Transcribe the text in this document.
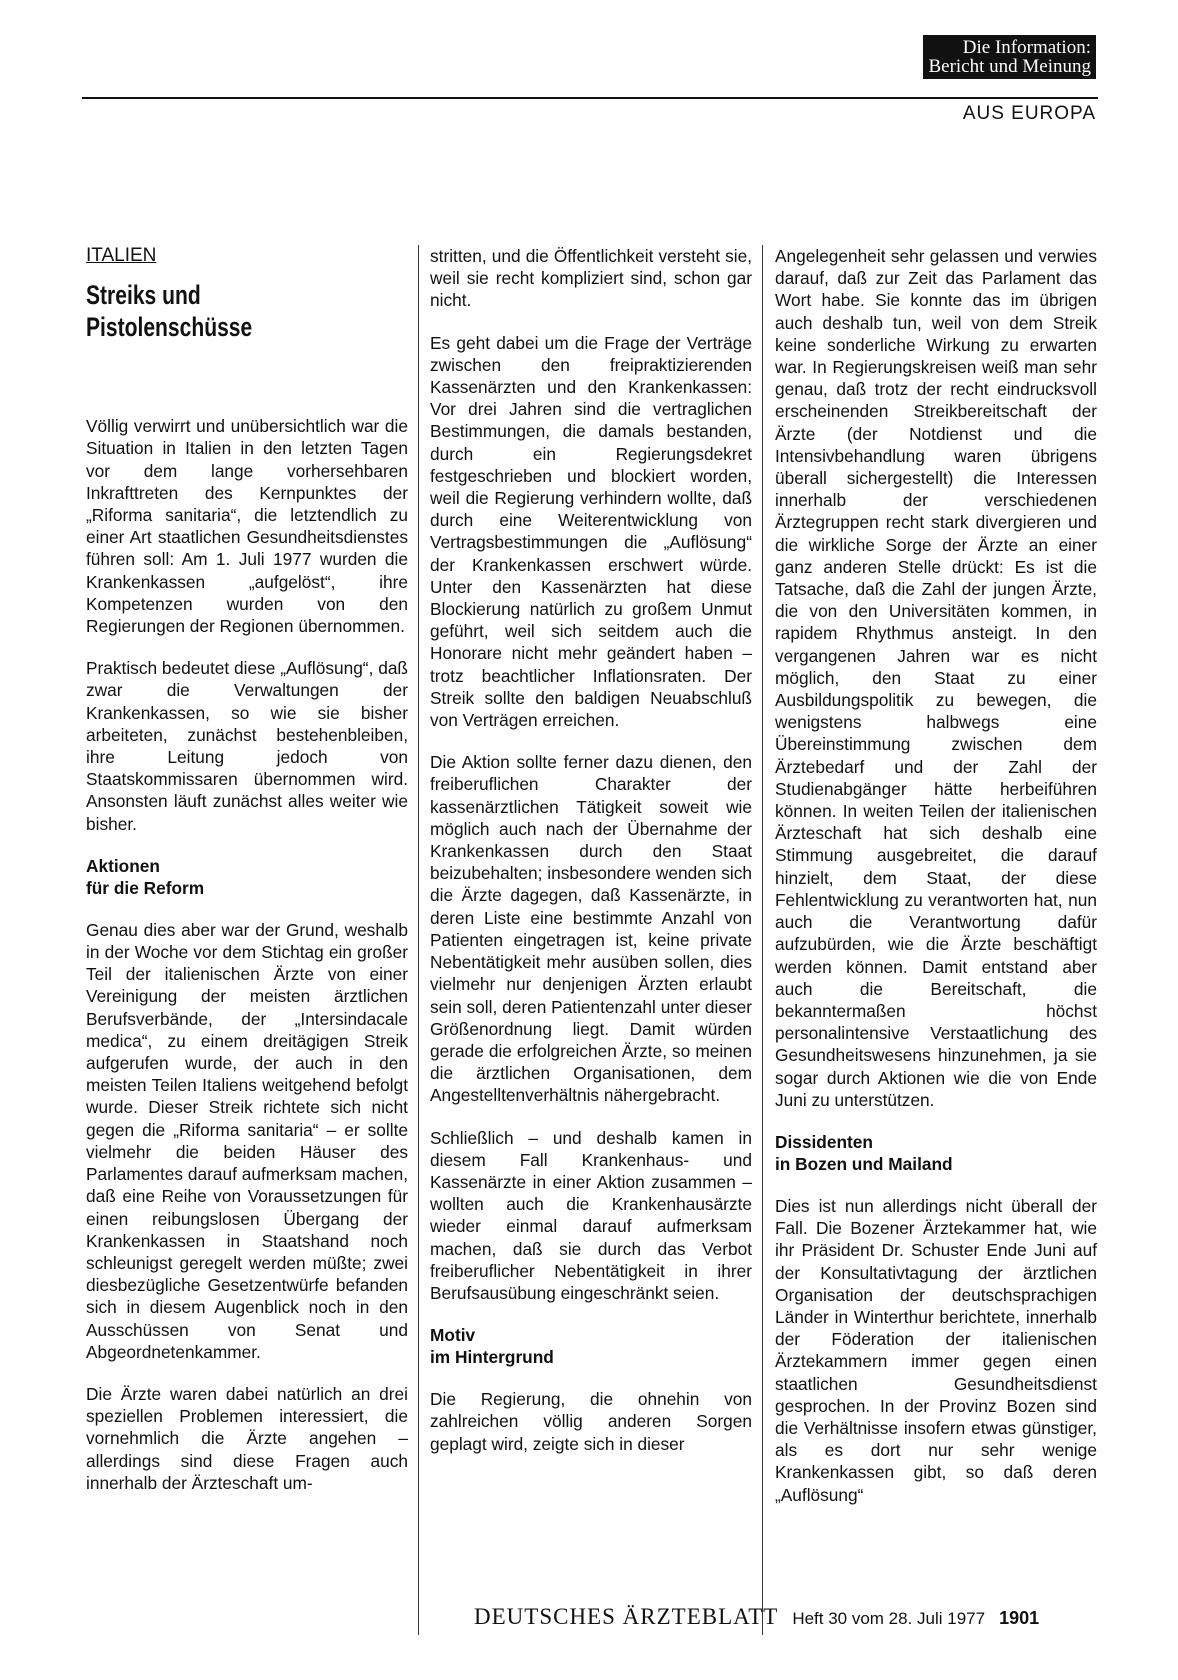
Die Information:
Bericht und Meinung
AUS EUROPA
ITALIEN
Streiks und
Pistolenschüsse

Völlig verwirrt und unübersichtlich war die Situation in Italien in den letzten Tagen vor dem lange vorhersehbaren Inkrafttreten des Kernpunktes der „Riforma sanitaria“, die letztendlich zu einer Art staatlichen Gesundheitsdienstes führen soll: Am 1. Juli 1977 wurden die Krankenkassen „aufgelöst“, ihre Kompetenzen wurden von den Regierungen der Regionen übernommen.

Praktisch bedeutet diese „Auflösung“, daß zwar die Verwaltungen der Krankenkassen, so wie sie bisher arbeiteten, zunächst bestehenbleiben, ihre Leitung jedoch von Staatskommissaren übernommen wird. Ansonsten läuft zunächst alles weiter wie bisher.

Aktionen
für die Reform

Genau dies aber war der Grund, weshalb in der Woche vor dem Stichtag ein großer Teil der italienischen Ärzte von einer Vereinigung der meisten ärztlichen Berufsverbände, der „Intersindacale medica“, zu einem dreitägigen Streik aufgerufen wurde, der auch in den meisten Teilen Italiens weitgehend befolgt wurde. Dieser Streik richtete sich nicht gegen die „Riforma sanitaria“ – er sollte vielmehr die beiden Häuser des Parlamentes darauf aufmerksam machen, daß eine Reihe von Voraussetzungen für einen reibungslosen Übergang der Krankenkassen in Staatshand noch schleunigst geregelt werden müßte; zwei diesbezügliche Gesetzentwürfe befanden sich in diesem Augenblick noch in den Ausschüssen von Senat und Abgeordnetenkammer.

Die Ärzte waren dabei natürlich an drei speziellen Problemen interessiert, die vornehmlich die Ärzte angehen – allerdings sind diese Fragen auch innerhalb der Ärzteschaft um-

stritten, und die Öffentlichkeit versteht sie, weil sie recht kompliziert sind, schon gar nicht.

Es geht dabei um die Frage der Verträge zwischen den freipraktizierenden Kassenärzten und den Krankenkassen: Vor drei Jahren sind die vertraglichen Bestimmungen, die damals bestanden, durch ein Regierungsdekret festgeschrieben und blockiert worden, weil die Regierung verhindern wollte, daß durch eine Weiterentwicklung von Vertragsbestimmungen die „Auflösung“ der Krankenkassen erschwert würde. Unter den Kassenärzten hat diese Blockierung natürlich zu großem Unmut geführt, weil sich seitdem auch die Honorare nicht mehr geändert haben – trotz beachtlicher Inflationsraten. Der Streik sollte den baldigen Neuabschluß von Verträgen erreichen.

Die Aktion sollte ferner dazu dienen, den freiberuflichen Charakter der kassenärztlichen Tätigkeit soweit wie möglich auch nach der Übernahme der Krankenkassen durch den Staat beizubehalten; insbesondere wenden sich die Ärzte dagegen, daß Kassenärzte, in deren Liste eine bestimmte Anzahl von Patienten eingetragen ist, keine private Nebentätigkeit mehr ausüben sollen, dies vielmehr nur denjenigen Ärzten erlaubt sein soll, deren Patientenzahl unter dieser Größenordnung liegt. Damit würden gerade die erfolgreichen Ärzte, so meinen die ärztlichen Organisationen, dem Angestelltenverhältnis nähergebracht.

Schließlich – und deshalb kamen in diesem Fall Krankenhaus- und Kassenärzte in einer Aktion zusammen – wollten auch die Krankenhausärzte wieder einmal darauf aufmerksam machen, daß sie durch das Verbot freiberuflicher Nebentätigkeit in ihrer Berufsausübung eingeschränkt seien.

Motiv
im Hintergrund

Die Regierung, die ohnehin von zahlreichen völlig anderen Sorgen geplagt wird, zeigte sich in dieser

Angelegenheit sehr gelassen und verwies darauf, daß zur Zeit das Parlament das Wort habe. Sie konnte das im übrigen auch deshalb tun, weil von dem Streik keine sonderliche Wirkung zu erwarten war. In Regierungskreisen weiß man sehr genau, daß trotz der recht eindrucksvoll erscheinenden Streikbereitschaft der Ärzte (der Notdienst und die Intensivbehandlung waren übrigens überall sichergestellt) die Interessen innerhalb der verschiedenen Ärztegruppen recht stark divergieren und die wirkliche Sorge der Ärzte an einer ganz anderen Stelle drückt: Es ist die Tatsache, daß die Zahl der jungen Ärzte, die von den Universitäten kommen, in rapidem Rhythmus ansteigt. In den vergangenen Jahren war es nicht möglich, den Staat zu einer Ausbildungspolitik zu bewegen, die wenigstens halbwegs eine Übereinstimmung zwischen dem Ärztebedarf und der Zahl der Studienabgänger hätte herbeiführen können. In weiten Teilen der italienischen Ärzteschaft hat sich deshalb eine Stimmung ausgebreitet, die darauf hinzielt, dem Staat, der diese Fehlentwicklung zu verantworten hat, nun auch die Verantwortung dafür aufzubürden, wie die Ärzte beschäftigt werden können. Damit entstand aber auch die Bereitschaft, die bekanntermaßen höchst personalintensive Verstaatlichung des Gesundheitswesens hinzunehmen, ja sie sogar durch Aktionen wie die von Ende Juni zu unterstützen.

Dissidenten
in Bozen und Mailand

Dies ist nun allerdings nicht überall der Fall. Die Bozener Ärztekammer hat, wie ihr Präsident Dr. Schuster Ende Juni auf der Konsultativtagung der ärztlichen Organisation der deutschsprachigen Länder in Winterthur berichtete, innerhalb der Föderation der italienischen Ärztekammern immer gegen einen staatlichen Gesundheitsdienst gesprochen. In der Provinz Bozen sind die Verhältnisse insofern etwas günstiger, als es dort nur sehr wenige Krankenkassen gibt, so daß deren „Auflösung“

DEUTSCHES ÄRZTEBLATT Heft 30 vom 28. Juli 1977 1901
